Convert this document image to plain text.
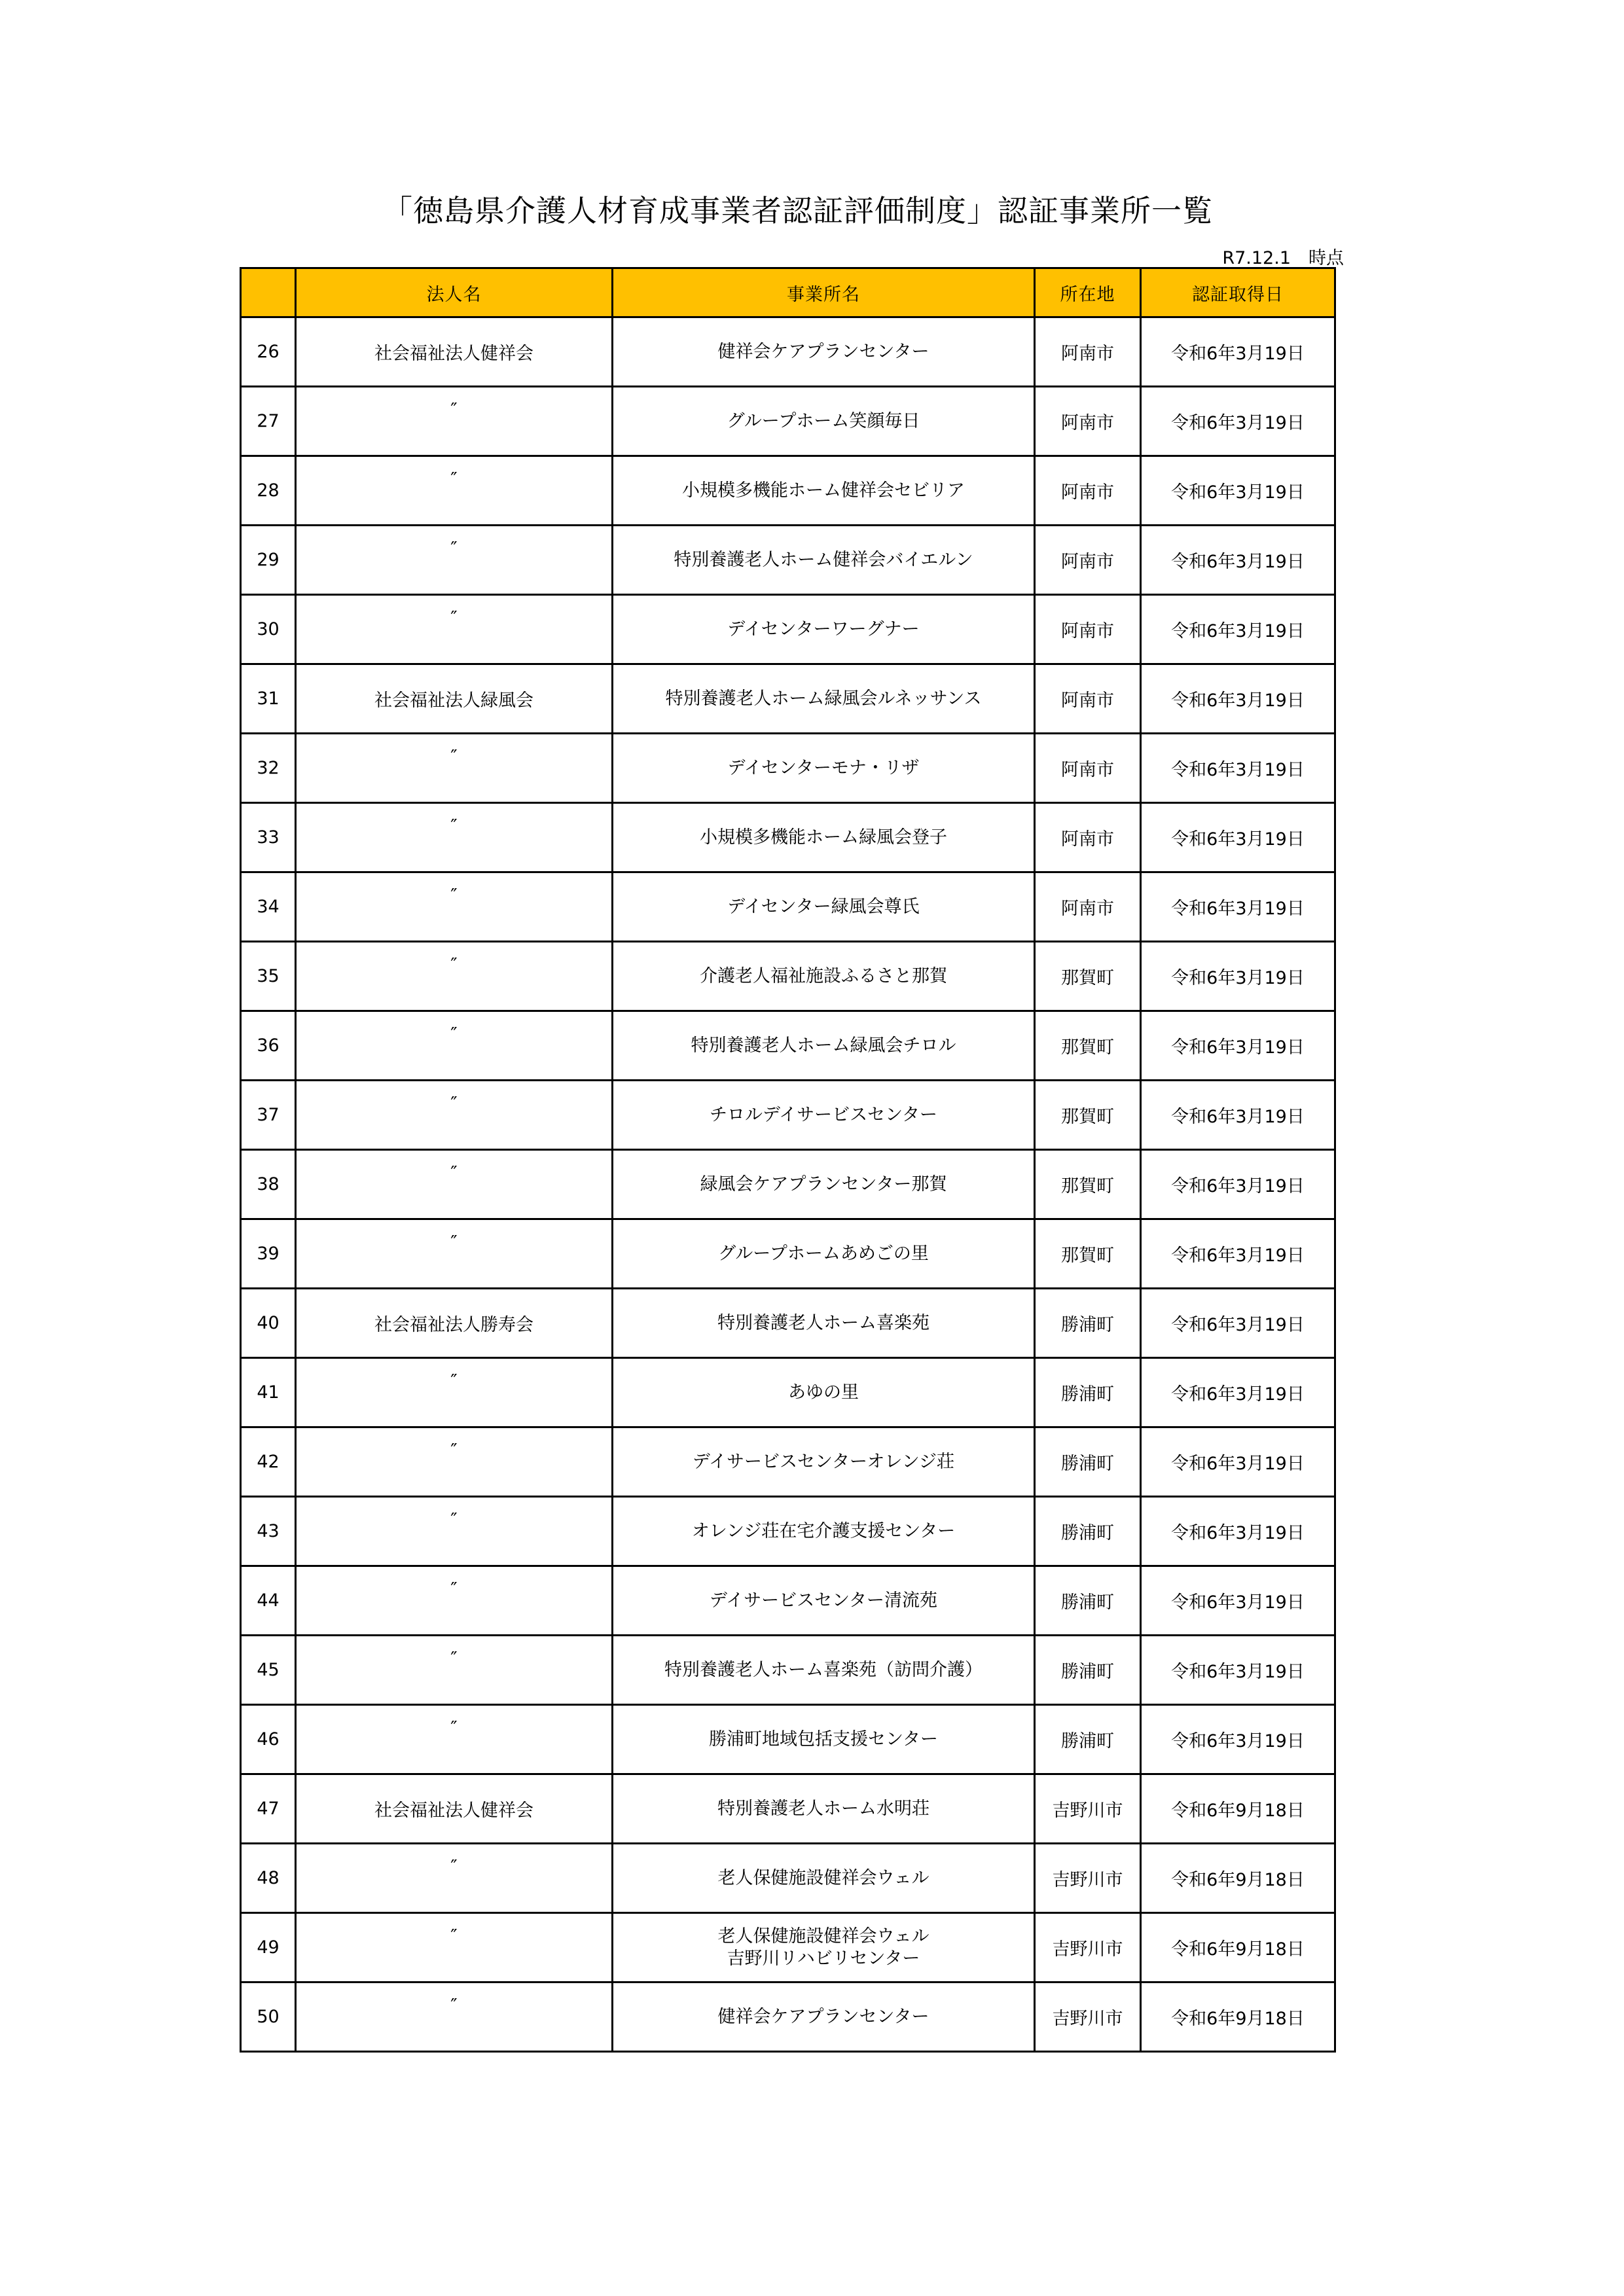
「徳島県介護人材育成事業者認証評価制度」認証事業所一覧
R7.12.1　時点
	法人名	事業所名	所在地	認証取得日
26	社会福祉法人健祥会	健祥会ケアプランセンター	阿南市	令和6年3月19日
27	″	グループホーム笑顔毎日	阿南市	令和6年3月19日
28	″	小規模多機能ホーム健祥会セビリア	阿南市	令和6年3月19日
29	″	特別養護老人ホーム健祥会バイエルン	阿南市	令和6年3月19日
30	″	デイセンターワーグナー	阿南市	令和6年3月19日
31	社会福祉法人緑風会	特別養護老人ホーム緑風会ルネッサンス	阿南市	令和6年3月19日
32	″	デイセンターモナ・リザ	阿南市	令和6年3月19日
33	″	小規模多機能ホーム緑風会登子	阿南市	令和6年3月19日
34	″	デイセンター緑風会尊氏	阿南市	令和6年3月19日
35	″	介護老人福祉施設ふるさと那賀	那賀町	令和6年3月19日
36	″	特別養護老人ホーム緑風会チロル	那賀町	令和6年3月19日
37	″	チロルデイサービスセンター	那賀町	令和6年3月19日
38	″	緑風会ケアプランセンター那賀	那賀町	令和6年3月19日
39	″	グループホームあめごの里	那賀町	令和6年3月19日
40	社会福祉法人勝寿会	特別養護老人ホーム喜楽苑	勝浦町	令和6年3月19日
41	″	あゆの里	勝浦町	令和6年3月19日
42	″	デイサービスセンターオレンジ荘	勝浦町	令和6年3月19日
43	″	オレンジ荘在宅介護支援センター	勝浦町	令和6年3月19日
44	″	デイサービスセンター清流苑	勝浦町	令和6年3月19日
45	″	特別養護老人ホーム喜楽苑（訪問介護）	勝浦町	令和6年3月19日
46	″	勝浦町地域包括支援センター	勝浦町	令和6年3月19日
47	社会福祉法人健祥会	特別養護老人ホーム水明荘	吉野川市	令和6年9月18日
48	″	老人保健施設健祥会ウェル	吉野川市	令和6年9月18日
49	″	老人保健施設健祥会ウェル
吉野川リハビリセンター	吉野川市	令和6年9月18日
50	″	健祥会ケアプランセンター	吉野川市	令和6年9月18日
